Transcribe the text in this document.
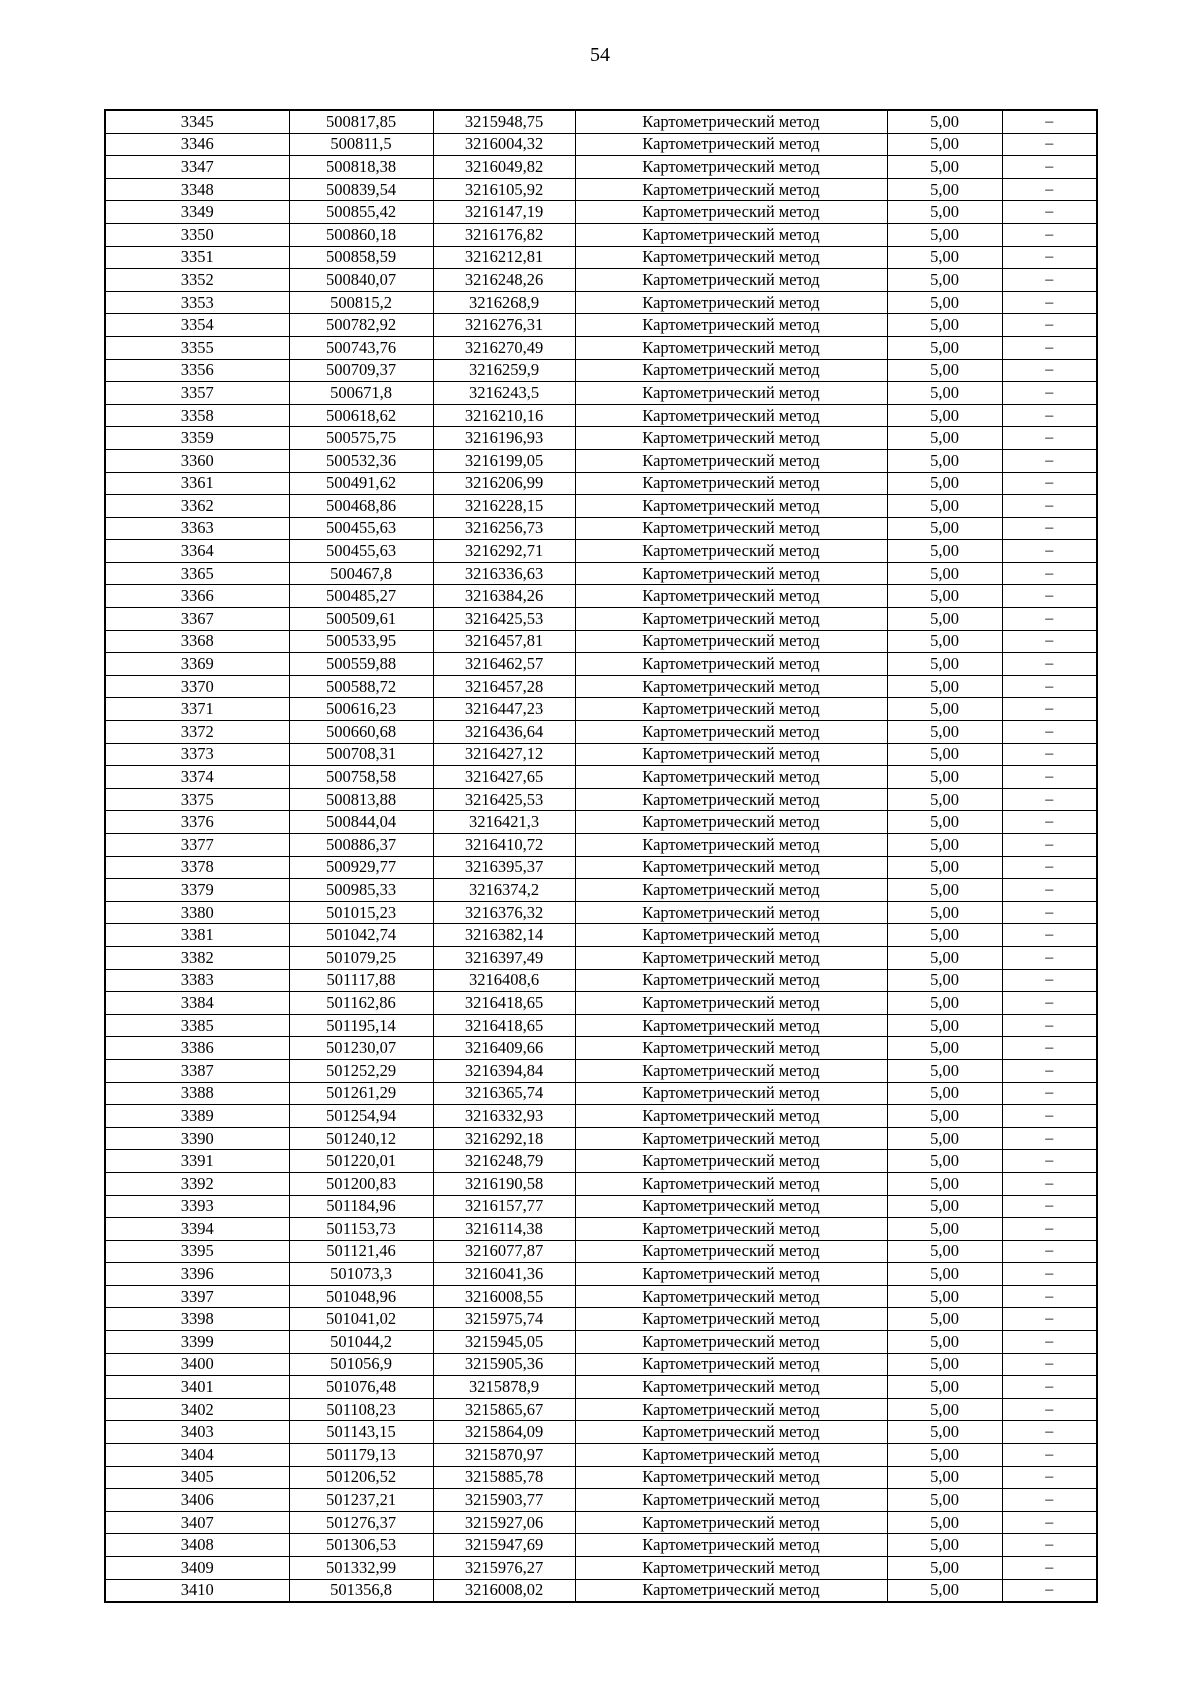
54
3345	500817,85	3215948,75	Картометрический метод	5,00	–
3346	500811,5	3216004,32	Картометрический метод	5,00	–
3347	500818,38	3216049,82	Картометрический метод	5,00	–
3348	500839,54	3216105,92	Картометрический метод	5,00	–
3349	500855,42	3216147,19	Картометрический метод	5,00	–
3350	500860,18	3216176,82	Картометрический метод	5,00	–
3351	500858,59	3216212,81	Картометрический метод	5,00	–
3352	500840,07	3216248,26	Картометрический метод	5,00	–
3353	500815,2	3216268,9	Картометрический метод	5,00	–
3354	500782,92	3216276,31	Картометрический метод	5,00	–
3355	500743,76	3216270,49	Картометрический метод	5,00	–
3356	500709,37	3216259,9	Картометрический метод	5,00	–
3357	500671,8	3216243,5	Картометрический метод	5,00	–
3358	500618,62	3216210,16	Картометрический метод	5,00	–
3359	500575,75	3216196,93	Картометрический метод	5,00	–
3360	500532,36	3216199,05	Картометрический метод	5,00	–
3361	500491,62	3216206,99	Картометрический метод	5,00	–
3362	500468,86	3216228,15	Картометрический метод	5,00	–
3363	500455,63	3216256,73	Картометрический метод	5,00	–
3364	500455,63	3216292,71	Картометрический метод	5,00	–
3365	500467,8	3216336,63	Картометрический метод	5,00	–
3366	500485,27	3216384,26	Картометрический метод	5,00	–
3367	500509,61	3216425,53	Картометрический метод	5,00	–
3368	500533,95	3216457,81	Картометрический метод	5,00	–
3369	500559,88	3216462,57	Картометрический метод	5,00	–
3370	500588,72	3216457,28	Картометрический метод	5,00	–
3371	500616,23	3216447,23	Картометрический метод	5,00	–
3372	500660,68	3216436,64	Картометрический метод	5,00	–
3373	500708,31	3216427,12	Картометрический метод	5,00	–
3374	500758,58	3216427,65	Картометрический метод	5,00	–
3375	500813,88	3216425,53	Картометрический метод	5,00	–
3376	500844,04	3216421,3	Картометрический метод	5,00	–
3377	500886,37	3216410,72	Картометрический метод	5,00	–
3378	500929,77	3216395,37	Картометрический метод	5,00	–
3379	500985,33	3216374,2	Картометрический метод	5,00	–
3380	501015,23	3216376,32	Картометрический метод	5,00	–
3381	501042,74	3216382,14	Картометрический метод	5,00	–
3382	501079,25	3216397,49	Картометрический метод	5,00	–
3383	501117,88	3216408,6	Картометрический метод	5,00	–
3384	501162,86	3216418,65	Картометрический метод	5,00	–
3385	501195,14	3216418,65	Картометрический метод	5,00	–
3386	501230,07	3216409,66	Картометрический метод	5,00	–
3387	501252,29	3216394,84	Картометрический метод	5,00	–
3388	501261,29	3216365,74	Картометрический метод	5,00	–
3389	501254,94	3216332,93	Картометрический метод	5,00	–
3390	501240,12	3216292,18	Картометрический метод	5,00	–
3391	501220,01	3216248,79	Картометрический метод	5,00	–
3392	501200,83	3216190,58	Картометрический метод	5,00	–
3393	501184,96	3216157,77	Картометрический метод	5,00	–
3394	501153,73	3216114,38	Картометрический метод	5,00	–
3395	501121,46	3216077,87	Картометрический метод	5,00	–
3396	501073,3	3216041,36	Картометрический метод	5,00	–
3397	501048,96	3216008,55	Картометрический метод	5,00	–
3398	501041,02	3215975,74	Картометрический метод	5,00	–
3399	501044,2	3215945,05	Картометрический метод	5,00	–
3400	501056,9	3215905,36	Картометрический метод	5,00	–
3401	501076,48	3215878,9	Картометрический метод	5,00	–
3402	501108,23	3215865,67	Картометрический метод	5,00	–
3403	501143,15	3215864,09	Картометрический метод	5,00	–
3404	501179,13	3215870,97	Картометрический метод	5,00	–
3405	501206,52	3215885,78	Картометрический метод	5,00	–
3406	501237,21	3215903,77	Картометрический метод	5,00	–
3407	501276,37	3215927,06	Картометрический метод	5,00	–
3408	501306,53	3215947,69	Картометрический метод	5,00	–
3409	501332,99	3215976,27	Картометрический метод	5,00	–
3410	501356,8	3216008,02	Картометрический метод	5,00	–
